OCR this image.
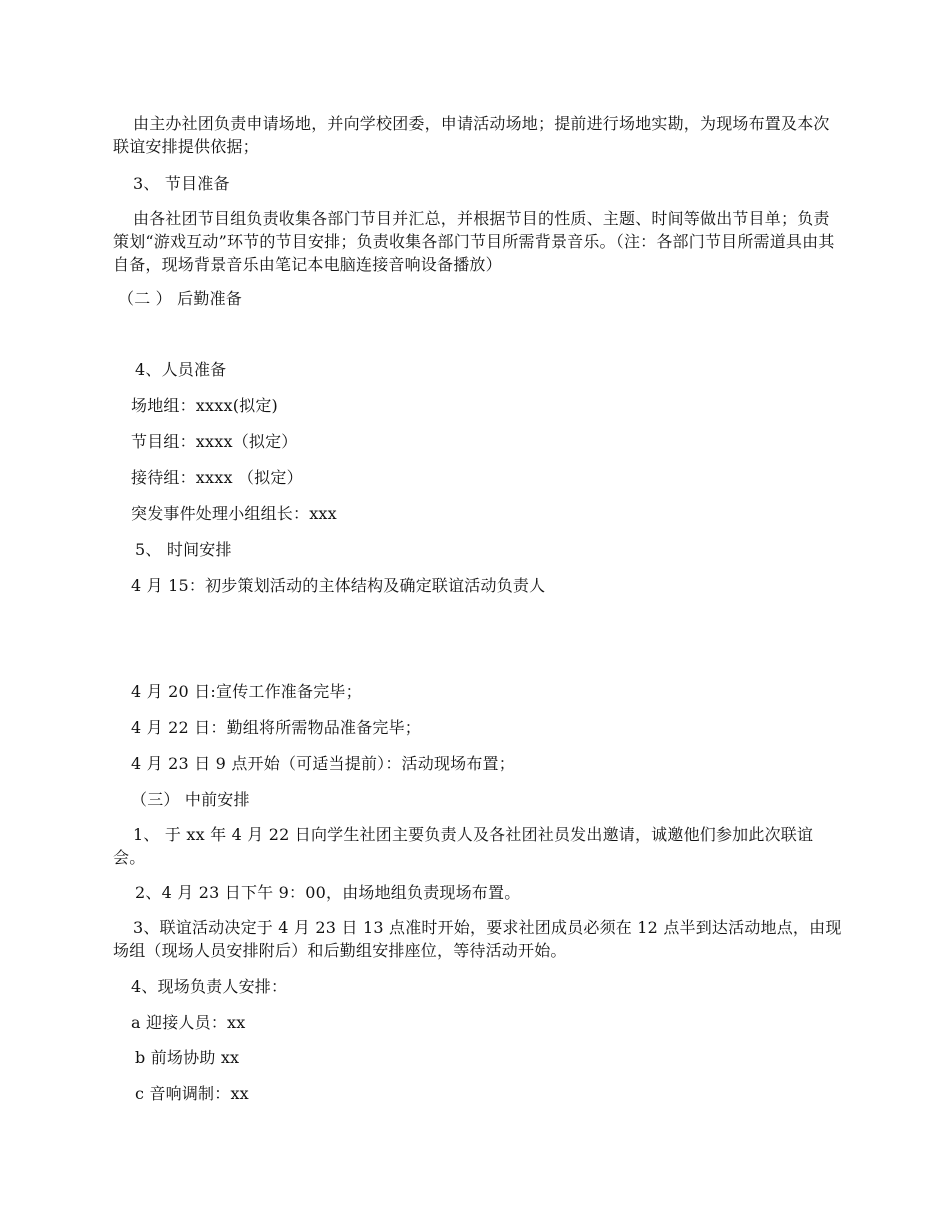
由主办社团负责申请场地，并向学校团委，申请活动场地；提前进行场地实勘，为现场布置及本次联谊安排提供依据；
3、 节目准备
由各社团节目组负责收集各部门节目并汇总，并根据节目的性质、主题、时间等做出节目单；负责策划“游戏互动”环节的节目安排；负责收集各部门节目所需背景音乐。（注：各部门节目所需道具由其自备，现场背景音乐由笔记本电脑连接音响设备播放）
（二 ） 后勤准备
4、人员准备
场地组：xxxx(拟定)
节目组：xxxx（拟定）
接待组：xxxx （拟定）
突发事件处理小组组长：xxx
5、 时间安排
4 月 15：初步策划活动的主体结构及确定联谊活动负责人
4 月 20 日:宣传工作准备完毕；
4 月 22 日：勤组将所需物品准备完毕；
4 月 23 日 9 点开始（可适当提前）：活动现场布置；
（三） 中前安排
1、 于 xx 年 4 月 22 日向学生社团主要负责人及各社团社员发出邀请，诚邀他们参加此次联谊会。
2、4 月 23 日下午 9：00，由场地组负责现场布置。
3、联谊活动决定于 4 月 23 日 13 点准时开始，要求社团成员必须在 12 点半到达活动地点，由现场组（现场人员安排附后）和后勤组安排座位，等待活动开始。
4、现场负责人安排：
a 迎接人员：xx
b 前场协助 xx
c 音响调制：xx
